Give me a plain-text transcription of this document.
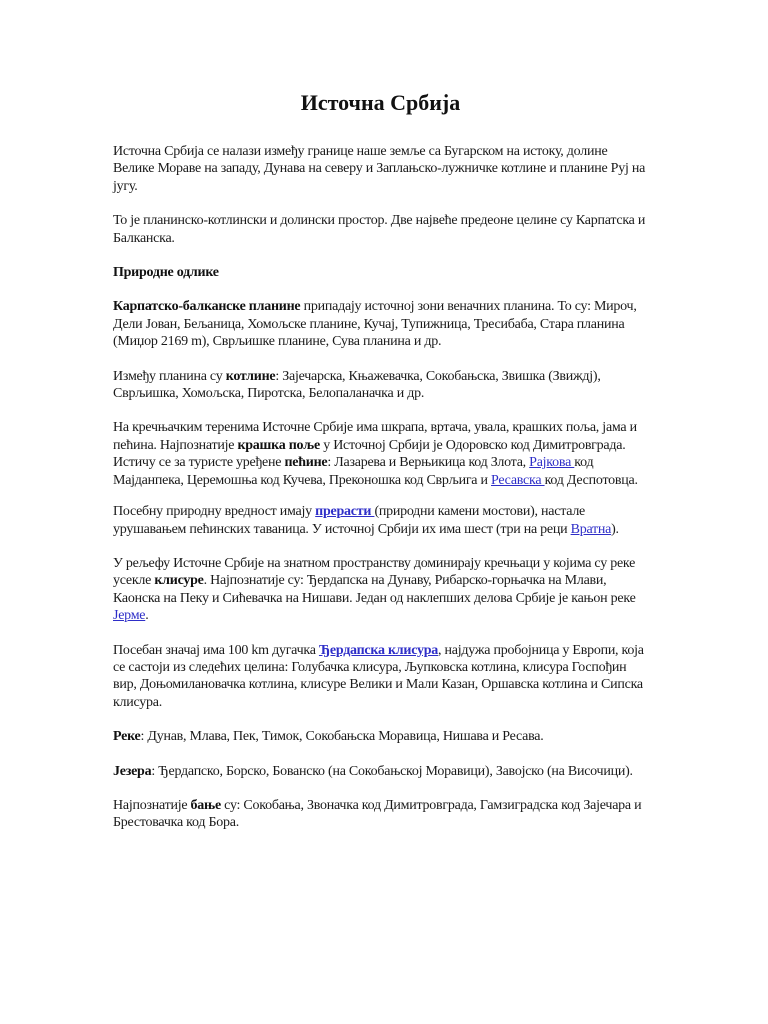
Источна Србија

Источна Србија се налази између границе наше земље са Бугарском на истоку, долине Велике Мораве на западу, Дунава на северу и Заплањско-лужничке котлине и планине Руј на југу.

То је планинско-котлински и долински простор. Две највеће предеоне целине су Карпатска и Балканска.

Природне одлике

Карпатско-балканске планине припадају источној зони веначних планина. То су: Мироч, Дели Јован, Бељаница, Хомољске планине, Кучај, Тупижница, Тресибаба, Стара планина (Миџор 2169 m), Сврљишке планине, Сува планина и др.

Између планина су котлине: Зајечарска, Књажевачка, Сокобањска, Звишка (Звиждј), Сврљишка, Хомољска, Пиротска, Белопаланачка и др.

На кречњачким теренима Источне Србије има шкрапа, вртача, увала, крашких поља, јама и пећина. Најпознатије крашка поље у Источној Србији је Одоровско код Димитровграда. Истичу се за туристе уређене пећине: Лазарева и Верњикица код Злота, Рајкова код Мајданпека, Церемошња код Кучева, Преконошка код Сврљига и Ресавска код Деспотовца.

Посебну природну вредност имају прерасти (природни камени мостови), настале урушавањем пећинских таваница. У источној Србији их има шест (три на реци Вратна).

У рељефу Источне Србије на знатном пространству доминирају кречњаци у којима су реке усекле клисуре. Најпознатије су: Ђердапска на Дунаву, Рибарско-горњачка на Млави, Каонска на Пеку и Сићевачка на Нишави. Један од наклепших делова Србије је кањон реке Јерме.

Посебан значај има 100 km дугачка Ђердапска клисура, најдужа пробојница у Европи, која се састоји из следећих целина: Голубачка клисура, Љупковска котлина, клисура Госпођин вир, Доњомилановачка котлина, клисуре Велики и Мали Казан, Оршавска котлина и Сипска клисура.

Реке: Дунав, Млава, Пек, Тимок, Сокобањска Моравица, Нишава и Ресава.

Језера: Ђердапско, Борско, Бованско (на Сокобањској Моравици), Завојско (на Височици).

Најпознатије бање су: Сокобања, Звоначка код Димитровграда, Гамзиградска код Зајечара и Брестовачка код Бора.
